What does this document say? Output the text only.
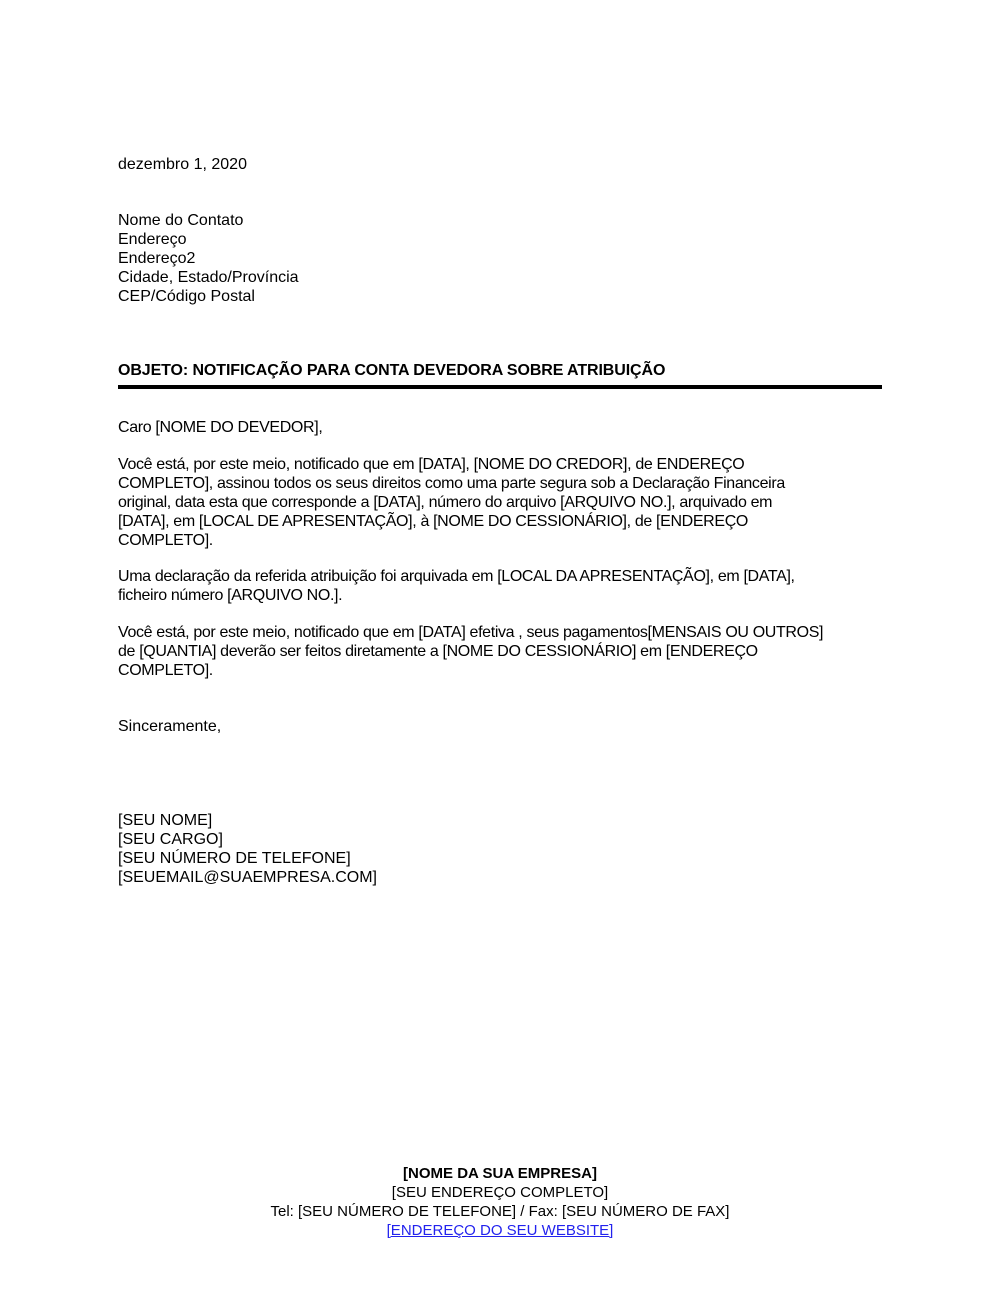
dezembro 1, 2020
Nome do Contato
Endereço
Endereço2
Cidade, Estado/Província
CEP/Código Postal
OBJETO: NOTIFICAÇÃO PARA CONTA DEVEDORA SOBRE ATRIBUIÇÃO
Caro [NOME DO DEVEDOR],
Você está, por este meio, notificado que em [DATA], [NOME DO CREDOR], de ENDEREÇO
COMPLETO], assinou todos os seus direitos como uma parte segura sob a Declaração Financeira
original, data esta que corresponde a [DATA], número do arquivo [ARQUIVO NO.], arquivado em
[DATA], em [LOCAL DE APRESENTAÇÃO], à [NOME DO CESSIONÁRIO], de [ENDEREÇO
COMPLETO].
Uma declaração da referida atribuição foi arquivada em [LOCAL DA APRESENTAÇÃO], em [DATA],
ficheiro número [ARQUIVO NO.].
Você está, por este meio, notificado que em [DATA] efetiva , seus pagamentos[MENSAIS OU OUTROS]
de [QUANTIA] deverão ser feitos diretamente a [NOME DO CESSIONÁRIO] em [ENDEREÇO
COMPLETO].
Sinceramente,
[SEU NOME]
[SEU CARGO]
[SEU NÚMERO DE TELEFONE]
[SEUEMAIL@SUAEMPRESA.COM]
[NOME DA SUA EMPRESA]
[SEU ENDEREÇO COMPLETO]
Tel: [SEU NÚMERO DE TELEFONE] / Fax: [SEU NÚMERO DE FAX]
[ENDEREÇO DO SEU WEBSITE]
